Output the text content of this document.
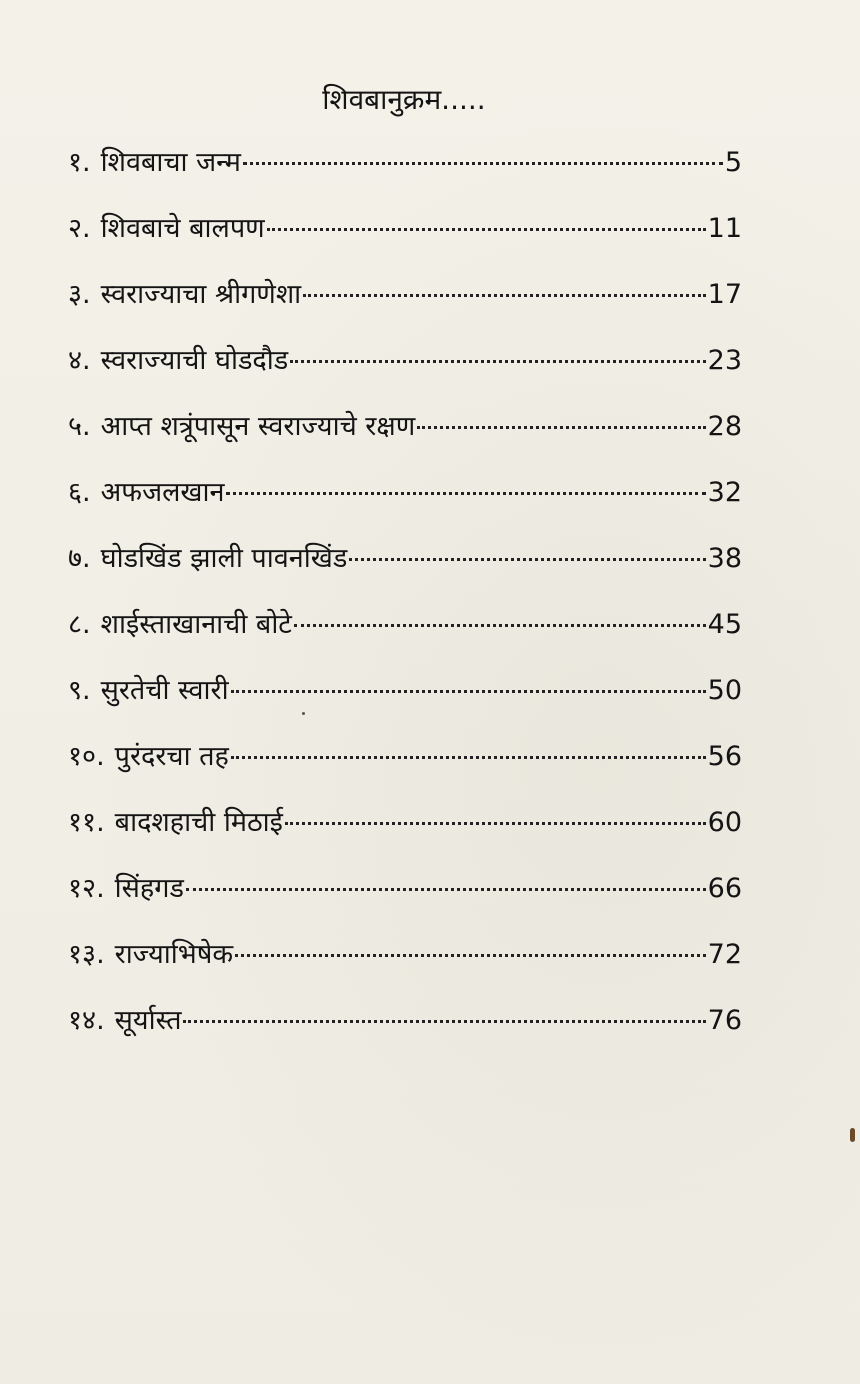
शिवबानुक्रम.....
१. शिवबाचा जन्म	5
२. शिवबाचे बालपण	11
३. स्वराज्याचा श्रीगणेशा	17
४. स्वराज्याची घोडदौड	23
५. आप्त शत्रूंपासून स्वराज्याचे रक्षण	28
६. अफजलखान	32
७. घोडखिंड झाली पावनखिंड	38
८. शाईस्ताखानाची बोटे	45
९. सुरतेची स्वारी	50
१०. पुरंदरचा तह	56
११. बादशहाची मिठाई	60
१२. सिंहगड	66
१३. राज्याभिषेक	72
१४. सूर्यास्त	76
